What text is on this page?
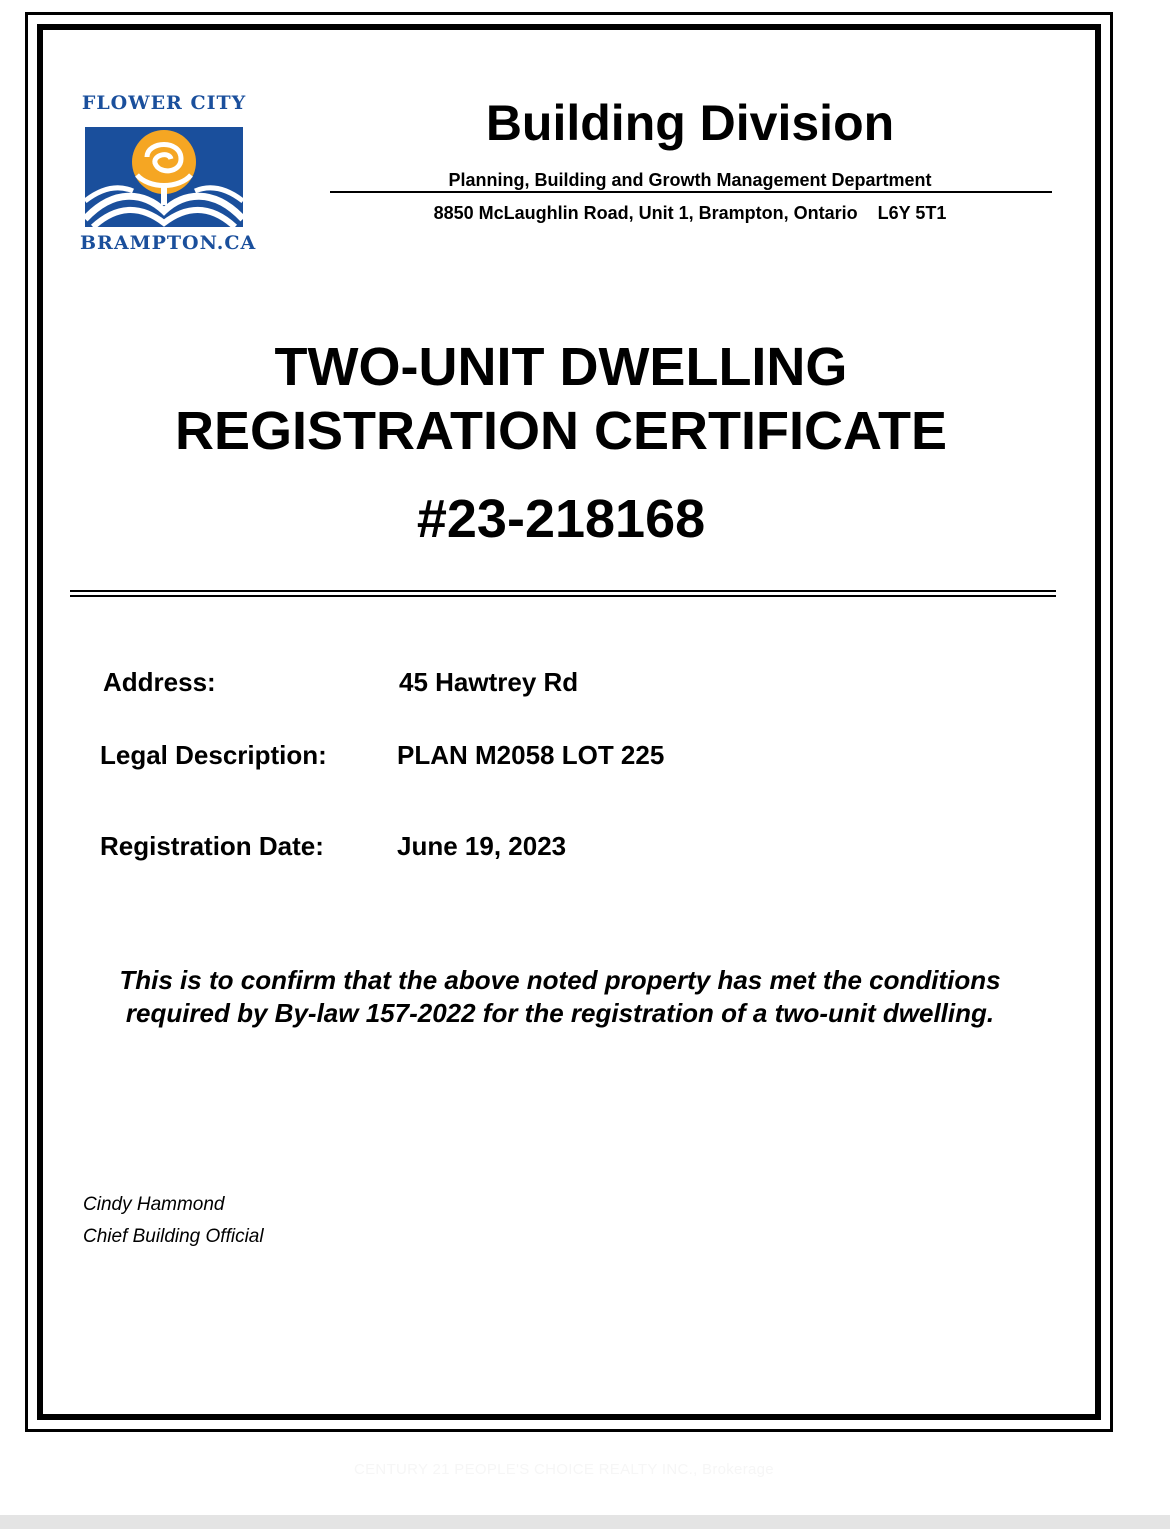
FLOWER CITY
BRAMPTON.CA
Building Division
Planning, Building and Growth Management Department
8850 McLaughlin Road, Unit 1, Brampton, Ontario    L6Y 5T1
TWO-UNIT DWELLING
REGISTRATION CERTIFICATE
#23-218168
Address:	45 Hawtrey Rd
Legal Description:	PLAN M2058 LOT 225
Registration Date:	June 19, 2023
This is to confirm that the above noted property has met the conditions
required by By-law 157-2022 for the registration of a two-unit dwelling.
Cindy Hammond
Chief Building Official
CENTURY 21 PEOPLE'S CHOICE REALTY INC., Brokerage
